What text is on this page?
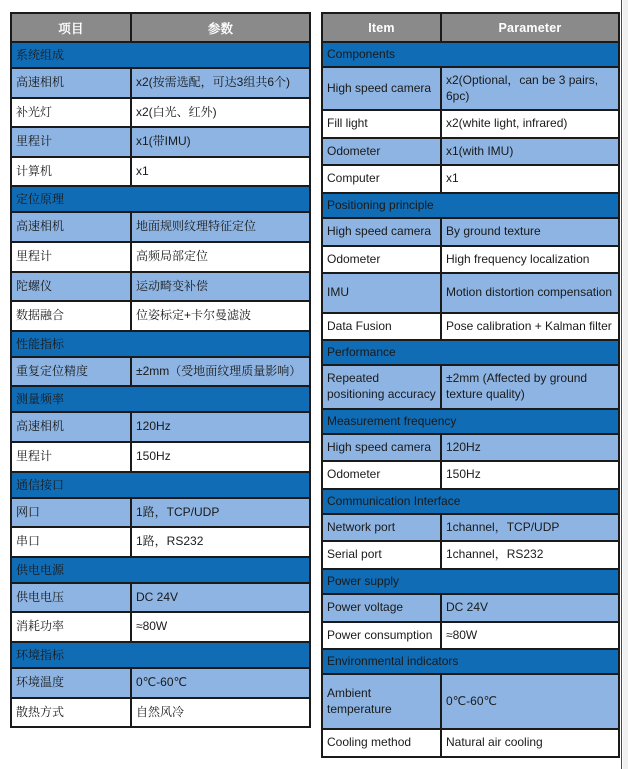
项目	参数
系统组成	
高速相机	x2(按需选配，可达3组共6个)
补光灯	x2(白光、红外)
里程计	x1(带IMU)
计算机	x1
定位原理	
高速相机	地面规则纹理特征定位
里程计	高频局部定位
陀螺仪	运动畸变补偿
数据融合	位姿标定+卡尔曼滤波
性能指标	
重复定位精度	±2mm（受地面纹理质量影响）
测量频率	
高速相机	120Hz
里程计	150Hz
通信接口	
网口	1路，TCP/UDP
串口	1路，RS232
供电电源	
供电电压	DC 24V
消耗功率	≈80W
环境指标	
环境温度	0℃-60℃
散热方式	自然风冷
Item	Parameter
Components	
High speed camera	x2(Optional，can be 3 pairs, 6pc)
Fill light	x2(white light, infrared)
Odometer	x1(with IMU)
Computer	x1
Positioning principle	
High speed camera	By ground texture
Odometer	High frequency localization
IMU	Motion distortion compensation
Data Fusion	Pose calibration + Kalman filter
Performance	
Repeated positioning accuracy	±2mm (Affected by ground texture quality)
Measurement frequency	
High speed camera	120Hz
Odometer	150Hz
Communication Interface	
Network port	1channel，TCP/UDP
Serial port	1channel，RS232
Power supply	
Power voltage	DC 24V
Power consumption	≈80W
Environmental indicators	
Ambient temperature	0℃-60℃
Cooling method	Natural air cooling
